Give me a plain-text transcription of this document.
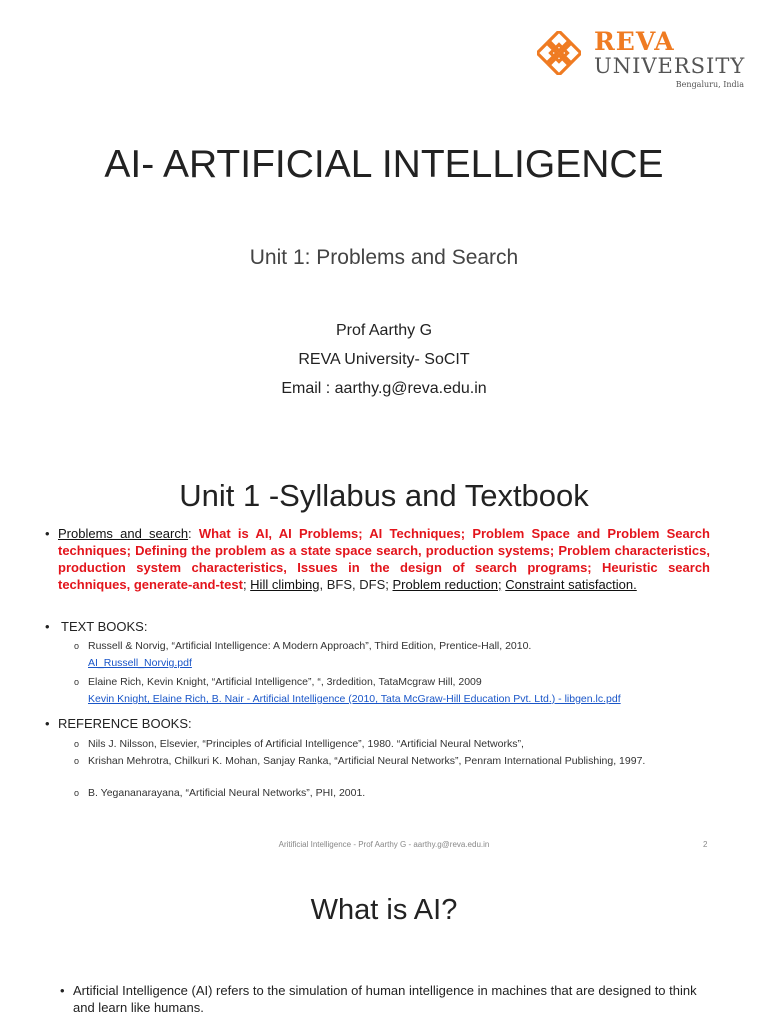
REVA
UNIVERSITY
Bengaluru, India
AI- ARTIFICIAL INTELLIGENCE
Unit 1: Problems and Search
Prof Aarthy G
REVA University- SoCIT
Email : aarthy.g@reva.edu.in
Unit 1 -Syllabus and Textbook
• Problems and search: What is AI, AI Problems; AI Techniques; Problem Space and Problem Search techniques; Defining the problem as a state space search, production systems; Problem characteristics, production system characteristics, Issues in the design of search programs; Heuristic search techniques, generate-and-test; Hill climbing, BFS, DFS; Problem reduction; Constraint satisfaction.
• TEXT BOOKS:
o Russell & Norvig, “Artificial Intelligence: A Modern Approach”, Third Edition, Prentice-Hall, 2010.
AI_Russell_Norvig.pdf
o Elaine Rich, Kevin Knight, “Artificial Intelligence”, “, 3rdedition, TataMcgraw Hill, 2009
Kevin Knight, Elaine Rich, B. Nair - Artificial Intelligence (2010, Tata McGraw-Hill Education Pvt. Ltd.) - libgen.lc.pdf
• REFERENCE BOOKS:
o Nils J. Nilsson, Elsevier, “Principles of Artificial Intelligence”, 1980. “Artificial Neural Networks”,
o Krishan Mehrotra, Chilkuri K. Mohan, Sanjay Ranka, “Artificial Neural Networks”, Penram International Publishing, 1997.
o B. Yegananarayana, “Artificial Neural Networks”, PHI, 2001.
Aritificial Intelligence - Prof Aarthy G - aarthy.g@reva.edu.in	2
What is AI?
• Artificial Intelligence (AI) refers to the simulation of human intelligence in machines that are designed to think and learn like humans.
